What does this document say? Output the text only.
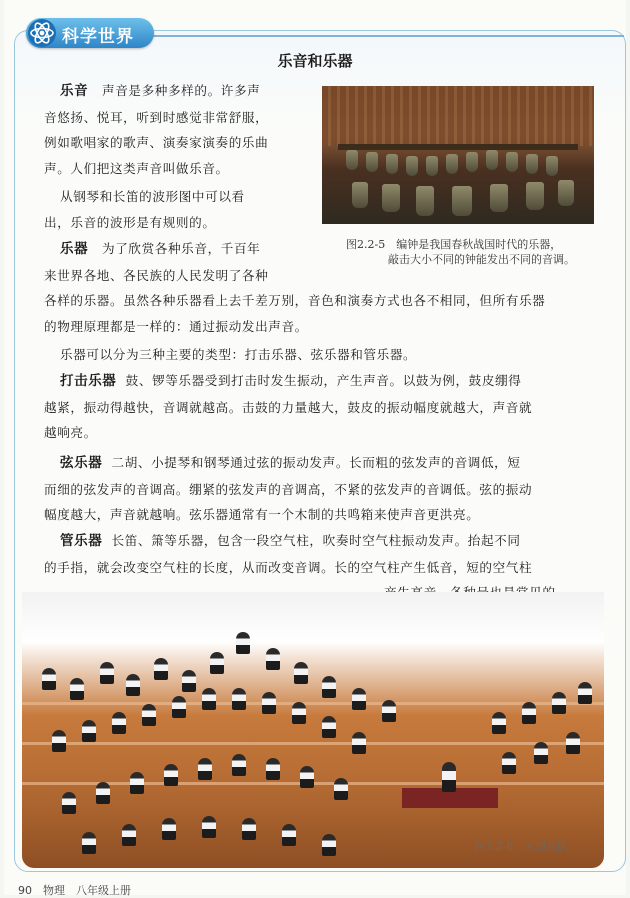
科学世界
乐音和乐器
乐音 声音是多种多样的。许多声
音悠扬、悦耳，听到时感觉非常舒服，
例如歌唱家的歌声、演奏家演奏的乐曲
声。人们把这类声音叫做乐音。
从钢琴和长笛的波形图中可以看
出，乐音的波形是有规则的。
乐器 为了欣赏各种乐音，千百年
来世界各地、各民族的人民发明了各种
各样的乐器。虽然各种乐器看上去千差万别，音色和演奏方式也各不相同，但所有乐器
的物理原理都是一样的：通过振动发出声音。
图2.2-5　编钟是我国春秋战国时代的乐器，
敲击大小不同的钟能发出不同的音调。
乐器可以分为三种主要的类型：打击乐器、弦乐器和管乐器。
打击乐器 鼓、锣等乐器受到打击时发生振动，产生声音。以鼓为例，鼓皮绷得
越紧，振动得越快，音调就越高。击鼓的力量越大，鼓皮的振动幅度就越大，声音就
越响亮。
弦乐器 二胡、小提琴和钢琴通过弦的振动发声。长而粗的弦发声的音调低，短
而细的弦发声的音调高。绷紧的弦发声的音调高，不紧的弦发声的音调低。弦的振动
幅度越大，声音就越响。弦乐器通常有一个木制的共鸣箱来使声音更洪亮。
管乐器 长笛、箫等乐器，包含一段空气柱，吹奏时空气柱振动发声。抬起不同
的手指，就会改变空气柱的长度，从而改变音调。长的空气柱产生低音，短的空气柱
图2.2-6　大型乐队
90　物理　八年级上册
